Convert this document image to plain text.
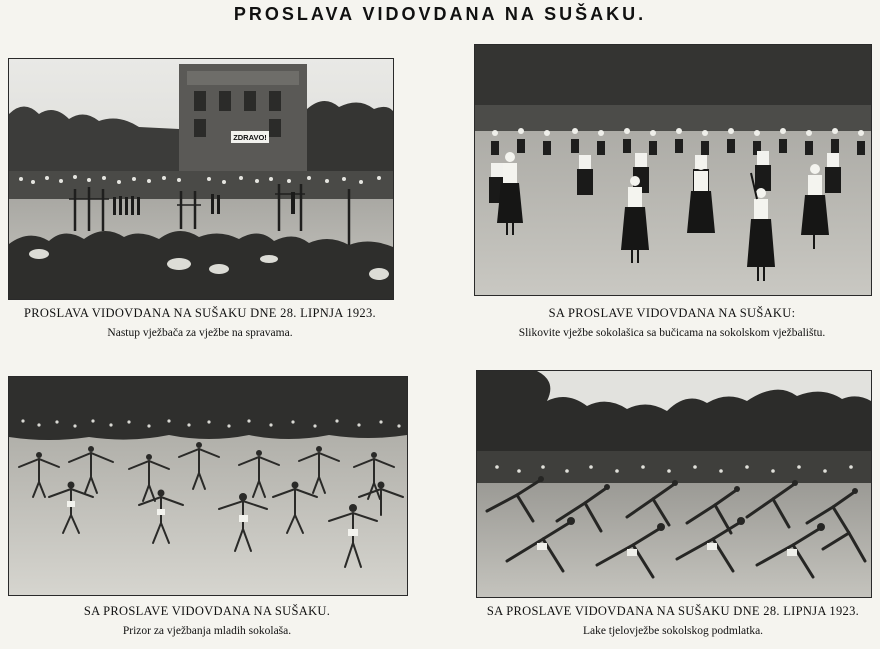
PROSLAVA VIDOVDANA NA SUŠAKU.
ZDRAVO!
PROSLAVA VIDOVDANA NA SUŠAKU DNE 28. LIPNJA 1923.
Nastup vježbača za vježbe na spravama.
SA PROSLAVE VIDOVDANA NA SUŠAKU:
Slikovite vježbe sokolašica sa bučicama na sokolskom vježbalištu.
SA PROSLAVE VIDOVDANA NA SUŠAKU.
Prizor za vježbanja mladih sokolaša.
SA PROSLAVE VIDOVDANA NA SUŠAKU DNE 28. LIPNJA 1923.
Lake tjelovježbe sokolskog podmlatka.
